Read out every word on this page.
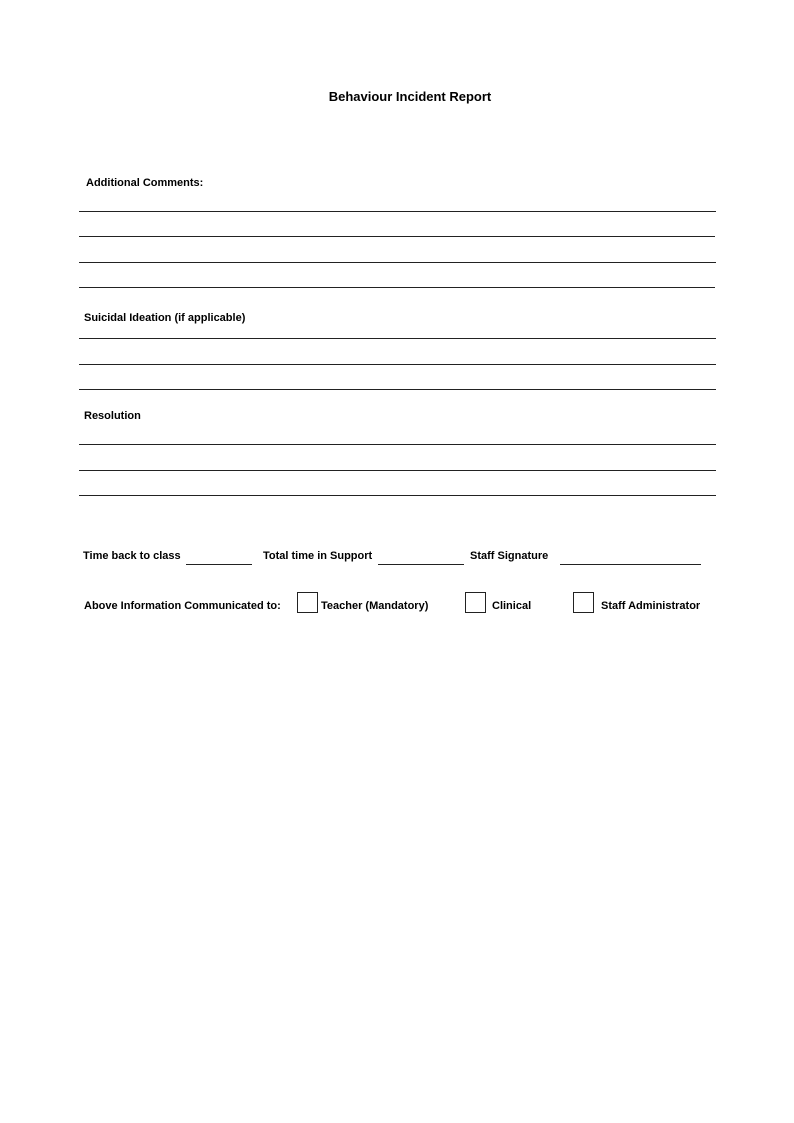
Behaviour Incident Report
Additional Comments:
Suicidal Ideation (if applicable)
Resolution
Time back to class	Total time in Support	Staff Signature
Above Information Communicated to:	Teacher (Mandatory)	Clinical	Staff Administrator
